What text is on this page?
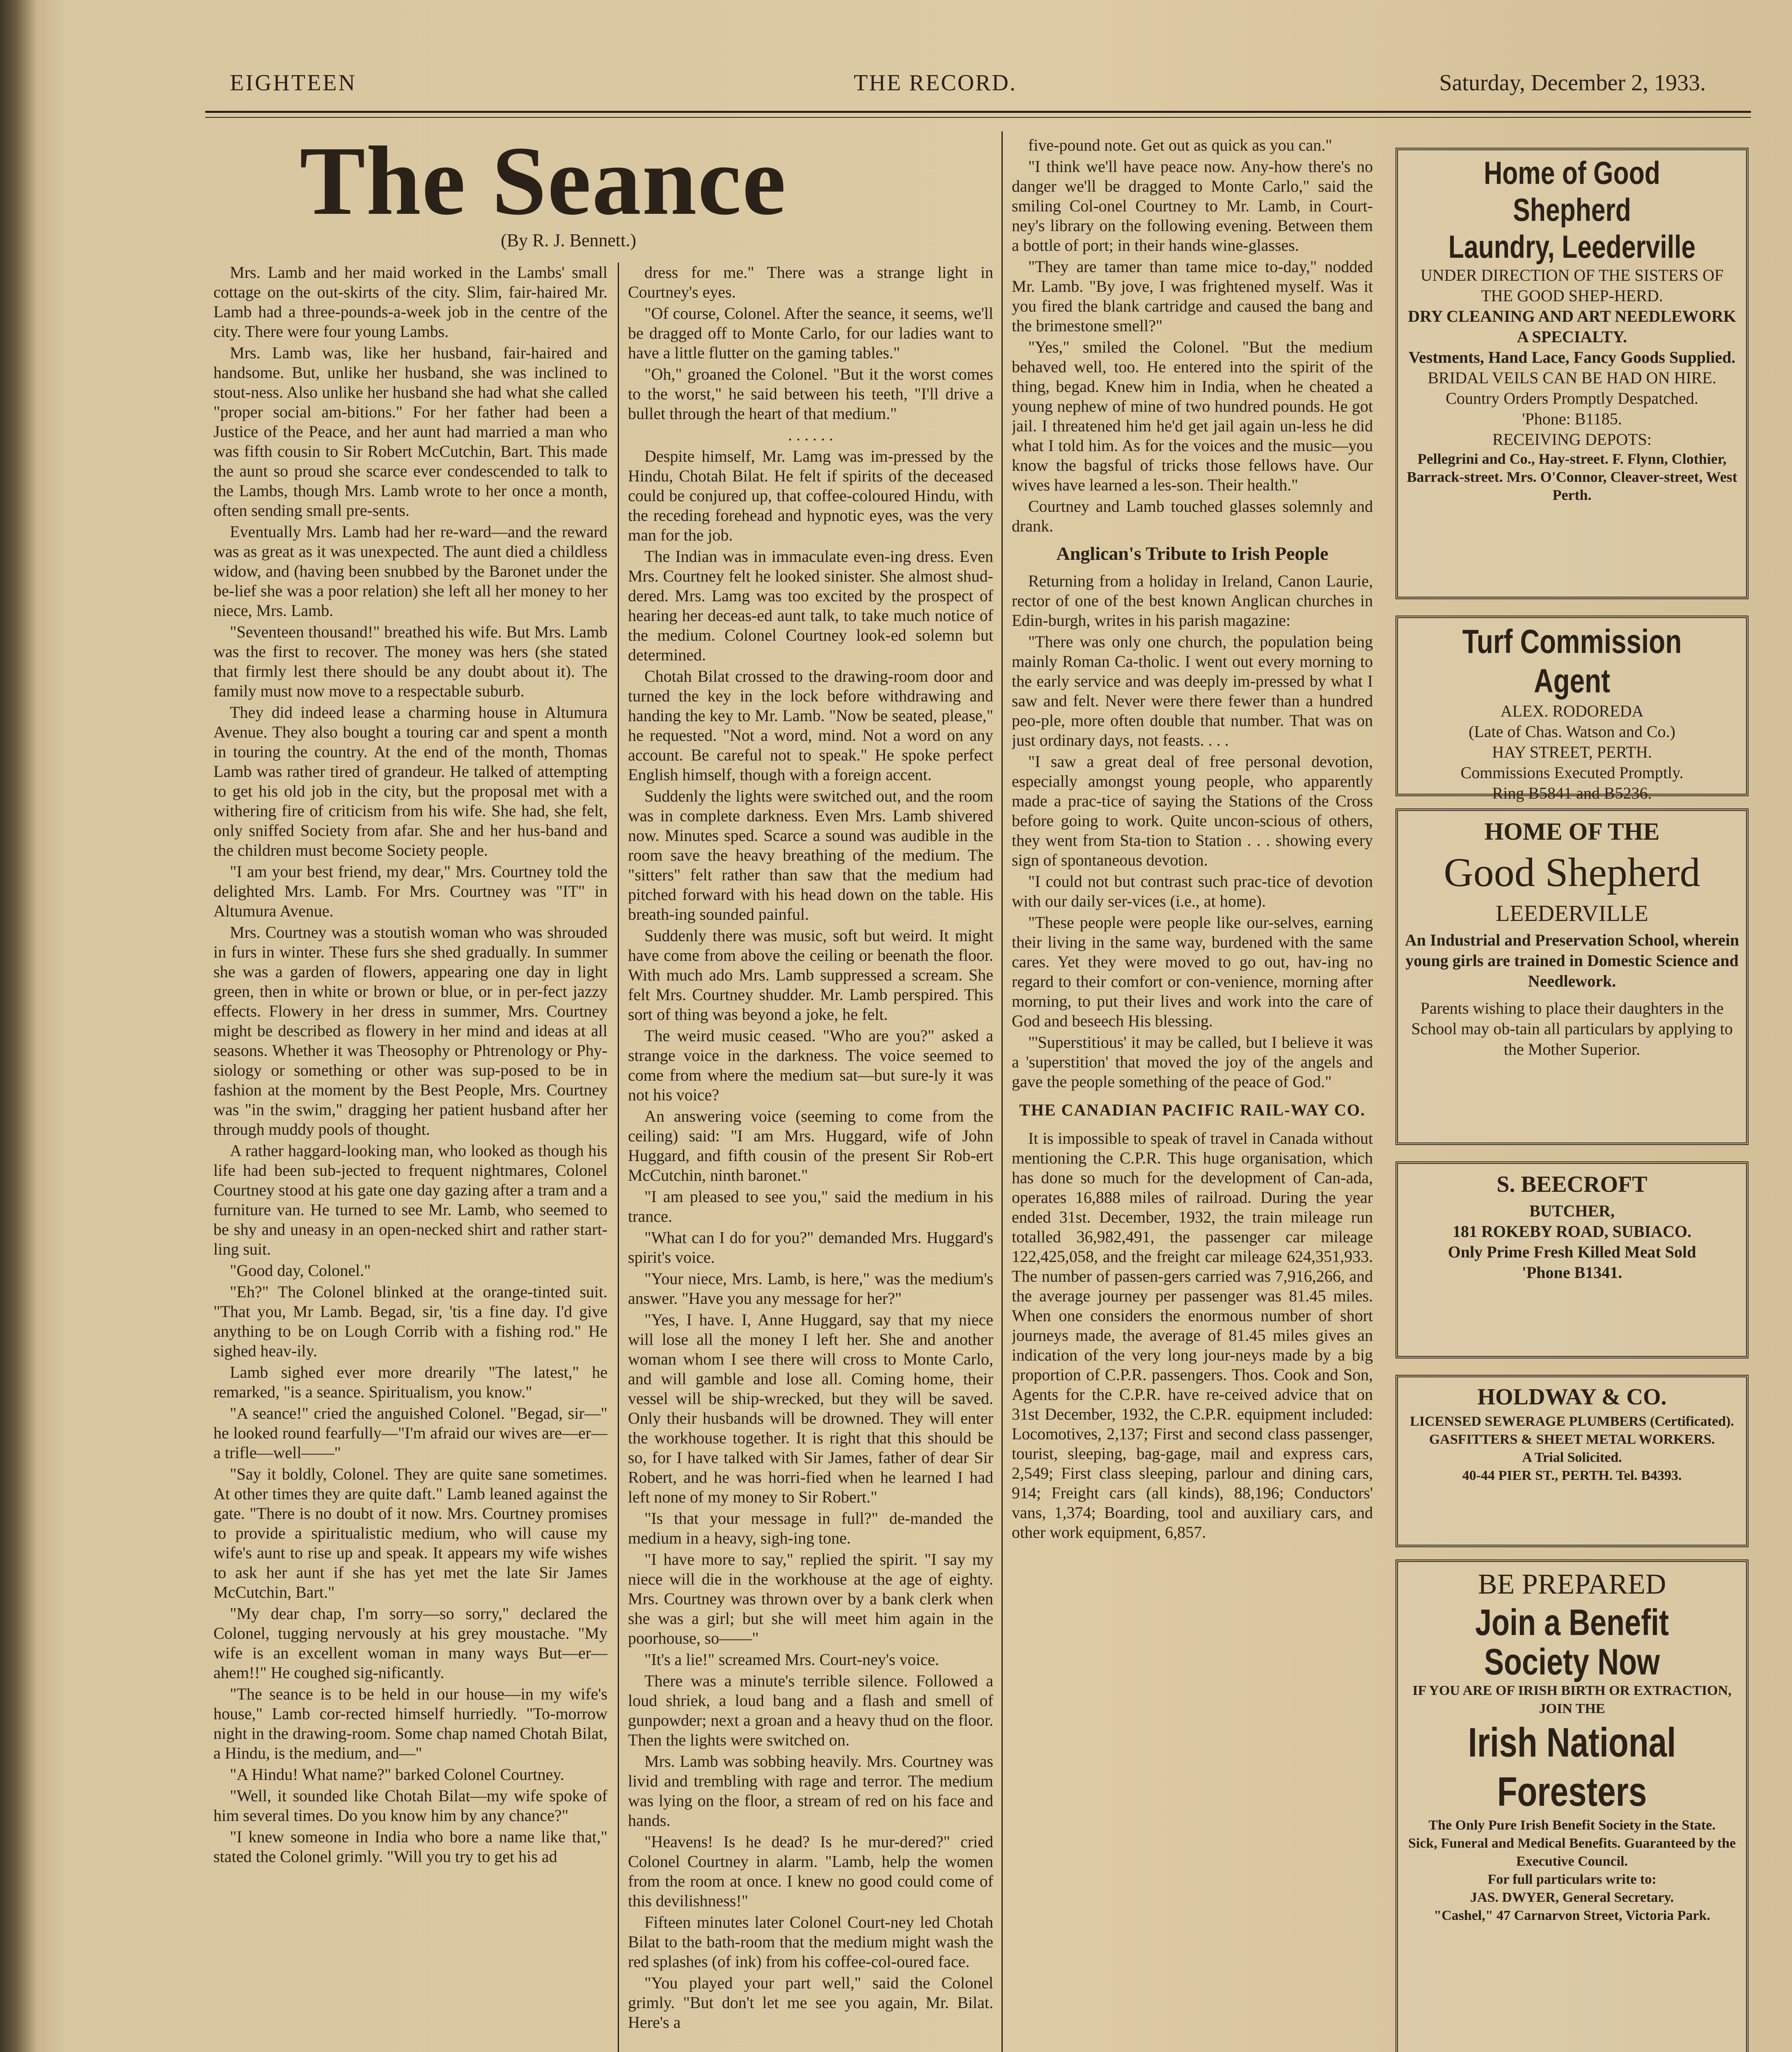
EIGHTEEN	THE RECORD.	Saturday, December 2, 1933.
The Seance
(By R. J. Bennett.)

Mrs. Lamb and her maid worked in the Lambs' small cottage on the out-skirts of the city. Slim, fair-haired Mr. Lamb had a three-pounds-a-week job in the centre of the city. There were four young Lambs.

Mrs. Lamb was, like her husband, fair-haired and handsome. But, unlike her husband, she was inclined to stout-ness. Also unlike her husband she had what she called "proper social am-bitions." For her father had been a Justice of the Peace, and her aunt had married a man who was fifth cousin to Sir Robert McCutchin, Bart. This made the aunt so proud she scarce ever condescended to talk to the Lambs, though Mrs. Lamb wrote to her once a month, often sending small pre-sents.

Eventually Mrs. Lamb had her re-ward—and the reward was as great as it was unexpected. The aunt died a childless widow, and (having been snubbed by the Baronet under the be-lief she was a poor relation) she left all her money to her niece, Mrs. Lamb.

"Seventeen thousand!" breathed his wife. But Mrs. Lamb was the first to recover. The money was hers (she stated that firmly lest there should be any doubt about it). The family must now move to a respectable suburb.

They did indeed lease a charming house in Altumura Avenue. They also bought a touring car and spent a month in touring the country. At the end of the month, Thomas Lamb was rather tired of grandeur. He talked of attempting to get his old job in the city, but the proposal met with a withering fire of criticism from his wife. She had, she felt, only sniffed Society from afar. She and her hus-band and the children must become Society people.

"I am your best friend, my dear," Mrs. Courtney told the delighted Mrs. Lamb. For Mrs. Courtney was "IT" in Altumura Avenue.

Mrs. Courtney was a stoutish woman who was shrouded in furs in winter. These furs she shed gradually. In summer she was a garden of flowers, appearing one day in light green, then in white or brown or blue, or in per-fect jazzy effects. Flowery in her dress in summer, Mrs. Courtney might be described as flowery in her mind and ideas at all seasons. Whether it was Theosophy or Phtrenology or Phy-siology or something or other was sup-posed to be in fashion at the moment by the Best People, Mrs. Courtney was "in the swim," dragging her patient husband after her through muddy pools of thought.

A rather haggard-looking man, who looked as though his life had been sub-jected to frequent nightmares, Colonel Courtney stood at his gate one day gazing after a tram and a furniture van. He turned to see Mr. Lamb, who seemed to be shy and uneasy in an open-necked shirt and rather start-ling suit.

"Good day, Colonel."

"Eh?" The Colonel blinked at the orange-tinted suit. "That you, Mr Lamb. Begad, sir, 'tis a fine day. I'd give anything to be on Lough Corrib with a fishing rod." He sighed heav-ily.

Lamb sighed ever more drearily "The latest," he remarked, "is a seance. Spiritualism, you know."

"A seance!" cried the anguished Colonel. "Begad, sir—" he looked round fearfully—"I'm afraid our wives are—er—a trifle—well——"

"Say it boldly, Colonel. They are quite sane sometimes. At other times they are quite daft." Lamb leaned against the gate. "There is no doubt of it now. Mrs. Courtney promises to provide a spiritualistic medium, who will cause my wife's aunt to rise up and speak. It appears my wife wishes to ask her aunt if she has yet met the late Sir James McCutchin, Bart."

"My dear chap, I'm sorry—so sorry," declared the Colonel, tugging nervously at his grey moustache. "My wife is an excellent woman in many ways But—er—ahem!!" He coughed sig-nificantly.

"The seance is to be held in our house—in my wife's house," Lamb cor-rected himself hurriedly. "To-morrow night in the drawing-room. Some chap named Chotah Bilat, a Hindu, is the medium, and—"

"A Hindu! What name?" barked Colonel Courtney.

"Well, it sounded like Chotah Bilat—my wife spoke of him several times. Do you know him by any chance?"

"I knew someone in India who bore a name like that," stated the Colonel grimly. "Will you try to get his ad

dress for me." There was a strange light in Courtney's eyes.

"Of course, Colonel. After the seance, it seems, we'll be dragged off to Monte Carlo, for our ladies want to have a little flutter on the gaming tables."

"Oh," groaned the Colonel. "But it the worst comes to the worst," he said between his teeth, "I'll drive a bullet through the heart of that medium."

. . . . . .

Despite himself, Mr. Lamg was im-pressed by the Hindu, Chotah Bilat. He felt if spirits of the deceased could be conjured up, that coffee-coloured Hindu, with the receding forehead and hypnotic eyes, was the very man for the job.

The Indian was in immaculate even-ing dress. Even Mrs. Courtney felt he looked sinister. She almost shud-dered. Mrs. Lamg was too excited by the prospect of hearing her deceas-ed aunt talk, to take much notice of the medium. Colonel Courtney look-ed solemn but determined.

Chotah Bilat crossed to the drawing-room door and turned the key in the lock before withdrawing and handing the key to Mr. Lamb. "Now be seated, please," he requested. "Not a word, mind. Not a word on any account. Be careful not to speak." He spoke perfect English himself, though with a foreign accent.

Suddenly the lights were switched out, and the room was in complete darkness. Even Mrs. Lamb shivered now. Minutes sped. Scarce a sound was audible in the room save the heavy breathing of the medium. The "sitters" felt rather than saw that the medium had pitched forward with his head down on the table. His breath-ing sounded painful.

Suddenly there was music, soft but weird. It might have come from above the ceiling or beenath the floor. With much ado Mrs. Lamb suppressed a scream. She felt Mrs. Courtney shudder. Mr. Lamb perspired. This sort of thing was beyond a joke, he felt.

The weird music ceased. "Who are you?" asked a strange voice in the darkness. The voice seemed to come from where the medium sat—but sure-ly it was not his voice?

An answering voice (seeming to come from the ceiling) said: "I am Mrs. Huggard, wife of John Huggard, and fifth cousin of the present Sir Rob-ert McCutchin, ninth baronet."

"I am pleased to see you," said the medium in his trance.

"What can I do for you?" demanded Mrs. Huggard's spirit's voice.

"Your niece, Mrs. Lamb, is here," was the medium's answer. "Have you any message for her?"

"Yes, I have. I, Anne Huggard, say that my niece will lose all the money I left her. She and another woman whom I see there will cross to Monte Carlo, and will gamble and lose all. Coming home, their vessel will be ship-wrecked, but they will be saved. Only their husbands will be drowned. They will enter the workhouse together. It is right that this should be so, for I have talked with Sir James, father of dear Sir Robert, and he was horri-fied when he learned I had left none of my money to Sir Robert."

"Is that your message in full?" de-manded the medium in a heavy, sigh-ing tone.

"I have more to say," replied the spirit. "I say my niece will die in the workhouse at the age of eighty. Mrs. Courtney was thrown over by a bank clerk when she was a girl; but she will meet him again in the poorhouse, so——"

"It's a lie!" screamed Mrs. Court-ney's voice.

There was a minute's terrible silence. Followed a loud shriek, a loud bang and a flash and smell of gunpowder; next a groan and a heavy thud on the floor. Then the lights were switched on.

Mrs. Lamb was sobbing heavily. Mrs. Courtney was livid and trembling with rage and terror. The medium was lying on the floor, a stream of red on his face and hands.

"Heavens! Is he dead? Is he mur-dered?" cried Colonel Courtney in alarm. "Lamb, help the women from the room at once. I knew no good could come of this devilishness!"

Fifteen minutes later Colonel Court-ney led Chotah Bilat to the bath-room that the medium might wash the red splashes (of ink) from his coffee-col-oured face.

"You played your part well," said the Colonel grimly. "But don't let me see you again, Mr. Bilat. Here's a

five-pound note. Get out as quick as you can."

"I think we'll have peace now. Any-how there's no danger we'll be dragged to Monte Carlo," said the smiling Col-onel Courtney to Mr. Lamb, in Court-ney's library on the following evening. Between them a bottle of port; in their hands wine-glasses.

"They are tamer than tame mice to-day," nodded Mr. Lamb. "By jove, I was frightened myself. Was it you fired the blank cartridge and caused the bang and the brimestone smell?"

"Yes," smiled the Colonel. "But the medium behaved well, too. He entered into the spirit of the thing, begad. Knew him in India, when he cheated a young nephew of mine of two hundred pounds. He got jail. I threatened him he'd get jail again un-less he did what I told him. As for the voices and the music—you know the bagsful of tricks those fellows have. Our wives have learned a les-son. Their health."

Courtney and Lamb touched glasses solemnly and drank.

Anglican's Tribute to Irish People

Returning from a holiday in Ireland, Canon Laurie, rector of one of the best known Anglican churches in Edin-burgh, writes in his parish magazine:

"There was only one church, the population being mainly Roman Ca-tholic. I went out every morning to the early service and was deeply im-pressed by what I saw and felt. Never were there fewer than a hundred peo-ple, more often double that number. That was on just ordinary days, not feasts. . . .

"I saw a great deal of free personal devotion, especially amongst young people, who apparently made a prac-tice of saying the Stations of the Cross before going to work. Quite uncon-scious of others, they went from Sta-tion to Station . . . showing every sign of spontaneous devotion.

"I could not but contrast such prac-tice of devotion with our daily ser-vices (i.e., at home).

"These people were people like our-selves, earning their living in the same way, burdened with the same cares. Yet they were moved to go out, hav-ing no regard to their comfort or con-venience, morning after morning, to put their lives and work into the care of God and beseech His blessing.

"'Superstitious' it may be called, but I believe it was a 'superstition' that moved the joy of the angels and gave the people something of the peace of God."

THE CANADIAN PACIFIC RAIL-WAY CO.

It is impossible to speak of travel in Canada without mentioning the C.P.R. This huge organisation, which has done so much for the development of Can-ada, operates 16,888 miles of railroad. During the year ended 31st. December, 1932, the train mileage run totalled 36,982,491, the passenger car mileage 122,425,058, and the freight car mileage 624,351,933. The number of passen-gers carried was 7,916,266, and the average journey per passenger was 81.45 miles. When one considers the enormous number of short journeys made, the average of 81.45 miles gives an indication of the very long jour-neys made by a big proportion of C.P.R. passengers. Thos. Cook and Son, Agents for the C.P.R. have re-ceived advice that on 31st December, 1932, the C.P.R. equipment included: Locomotives, 2,137; First and second class passenger, tourist, sleeping, bag-gage, mail and express cars, 2,549; First class sleeping, parlour and dining cars, 914; Freight cars (all kinds), 88,196; Conductors' vans, 1,374; Boarding, tool and auxiliary cars, and other work equipment, 6,857.

Home of Good Shepherd
Laundry, Leederville
UNDER DIRECTION OF THE SISTERS OF THE GOOD SHEP-HERD.
DRY CLEANING AND ART NEEDLEWORK A SPECIALTY.
Vestments, Hand Lace, Fancy Goods Supplied.
BRIDAL VEILS CAN BE HAD ON HIRE.
Country Orders Promptly Despatched.
'Phone: B1185.
RECEIVING DEPOTS:
Pellegrini and Co., Hay-street. F. Flynn, Clothier, Barrack-street. Mrs. O'Connor, Cleaver-street, West Perth.
Turf Commission Agent
ALEX. RODOREDA
(Late of Chas. Watson and Co.)
HAY STREET, PERTH.
Commissions Executed Promptly.
Ring B5841 and B5236.
HOME OF THE
Good Shepherd
LEEDERVILLE
An Industrial and Preservation School, wherein young girls are trained in Domestic Science and Needlework.
Parents wishing to place their daughters in the School may ob-tain all particulars by applying to the Mother Superior.
S. BEECROFT
BUTCHER,
181 ROKEBY ROAD, SUBIACO.
Only Prime Fresh Killed Meat Sold
'Phone B1341.
HOLDWAY & CO.
LICENSED SEWERAGE PLUMBERS (Certificated).
GASFITTERS & SHEET METAL WORKERS.
A Trial Solicited.
40-44 PIER ST., PERTH. Tel. B4393.
BE PREPARED
Join a Benefit Society Now
IF YOU ARE OF IRISH BIRTH OR EXTRACTION, JOIN THE
Irish National Foresters
The Only Pure Irish Benefit Society in the State.
Sick, Funeral and Medical Benefits. Guaranteed by the Executive Council.
For full particulars write to:
JAS. DWYER, General Secretary.
"Cashel," 47 Carnarvon Street, Victoria Park.
